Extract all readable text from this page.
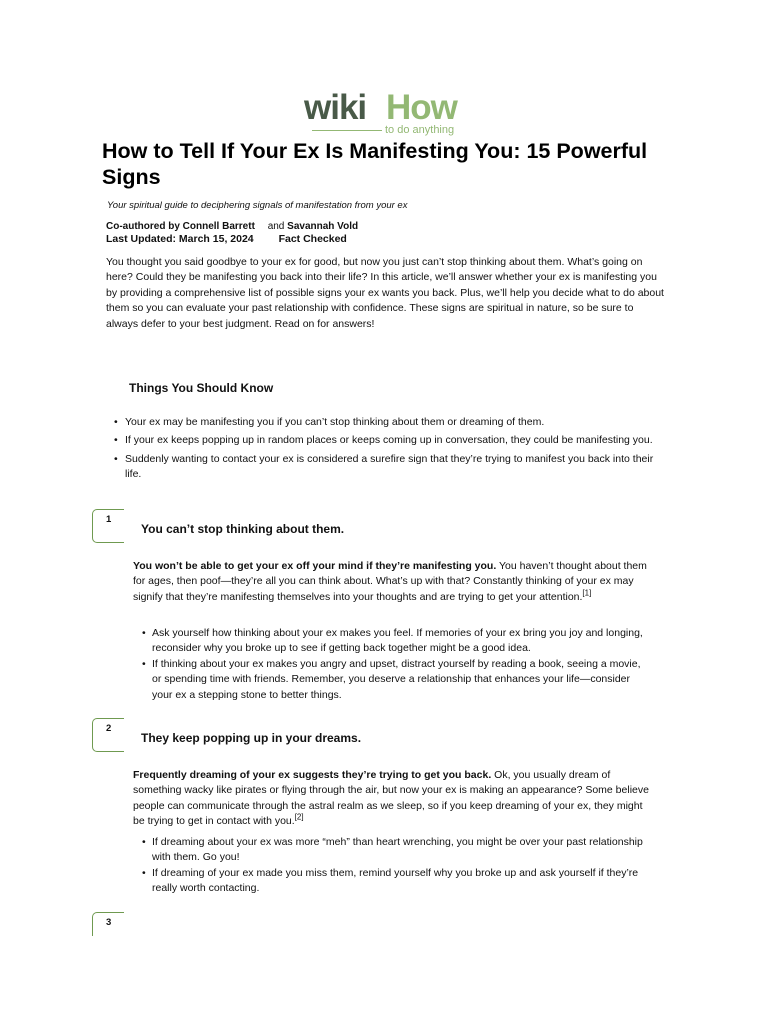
wiki How
to do anything
How to Tell If Your Ex Is Manifesting You: 15 Powerful Signs
Your spiritual guide to deciphering signals of manifestation from your ex
Co-authored by Connell Barrett and Savannah Vold
Last Updated: March 15, 2024 Fact Checked

You thought you said goodbye to your ex for good, but now you just can’t stop thinking about them. What’s going on here? Could they be manifesting you back into their life? In this article, we’ll answer whether your ex is manifesting you by providing a comprehensive list of possible signs your ex wants you back. Plus, we’ll help you decide what to do about them so you can evaluate your past relationship with confidence. These signs are spiritual in nature, so be sure to always defer to your best judgment. Read on for answers!

Things You Should Know
• Your ex may be manifesting you if you can’t stop thinking about them or dreaming of them.
• If your ex keeps popping up in random places or keeps coming up in conversation, they could be manifesting you.
• Suddenly wanting to contact your ex is considered a surefire sign that they’re trying to manifest you back into their life.
1
You can’t stop thinking about them.

You won’t be able to get your ex off your mind if they’re manifesting you. You haven’t thought about them for ages, then poof—they’re all you can think about. What’s up with that? Constantly thinking of your ex may signify that they’re manifesting themselves into your thoughts and are trying to get your attention.[1]

• Ask yourself how thinking about your ex makes you feel. If memories of your ex bring you joy and longing, reconsider why you broke up to see if getting back together might be a good idea.
• If thinking about your ex makes you angry and upset, distract yourself by reading a book, seeing a movie, or spending time with friends. Remember, you deserve a relationship that enhances your life—consider your ex a stepping stone to better things.
2
They keep popping up in your dreams.

Frequently dreaming of your ex suggests they’re trying to get you back. Ok, you usually dream of something wacky like pirates or flying through the air, but now your ex is making an appearance? Some believe people can communicate through the astral realm as we sleep, so if you keep dreaming of your ex, they might be trying to get in contact with you.[2]

• If dreaming about your ex was more “meh” than heart wrenching, you might be over your past relationship with them. Go you!
• If dreaming of your ex made you miss them, remind yourself why you broke up and ask yourself if they’re really worth contacting.
3
